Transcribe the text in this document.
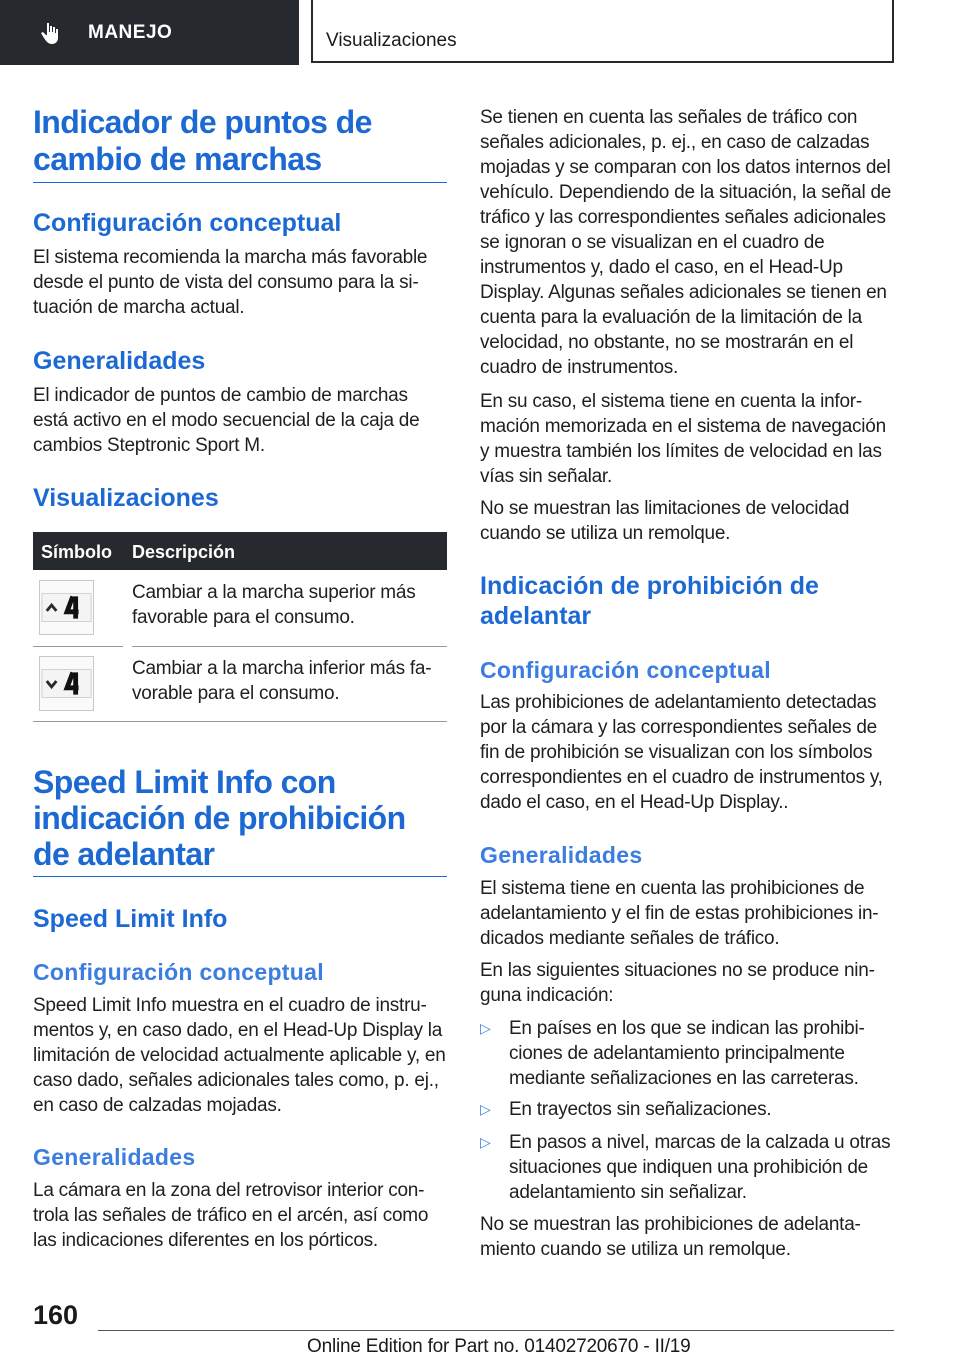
MANEJO	Visualizaciones
Indicador de puntos de cambio de marchas
Configuración conceptual

El sistema recomienda la marcha más favorable desde el punto de vista del consumo para la situación de marcha actual.

Generalidades

El indicador de puntos de cambio de marchas está activo en el modo secuencial de la caja de cambios Steptronic Sport M.

Visualizaciones
Símbolo Descripción

Cambiar a la marcha superior más favorable para el consumo.

Cambiar a la marcha inferior más favorable para el consumo.

Speed Limit Info con indicación de prohibición de adelantar
Speed Limit Info
Configuración conceptual

Speed Limit Info muestra en el cuadro de instrumentos y, en caso dado, en el Head-Up Display la limitación de velocidad actualmente aplicable y, en caso dado, señales adicionales tales como, p. ej., en caso de calzadas mojadas.

Generalidades

La cámara en la zona del retrovisor interior controla las señales de tráfico en el arcén, así como las indicaciones diferentes en los pórticos.

Se tienen en cuenta las señales de tráfico con señales adicionales, p. ej., en caso de calzadas mojadas y se comparan con los datos internos del vehículo. Dependiendo de la situación, la señal de tráfico y las correspondientes señales adicionales se ignoran o se visualizan en el cuadro de instrumentos y, dado el caso, en el Head-Up Display. Algunas señales adicionales se tienen en cuenta para la evaluación de la limitación de la velocidad, no obstante, no se mostrarán en el cuadro de instrumentos.

En su caso, el sistema tiene en cuenta la información memorizada en el sistema de navegación y muestra también los límites de velocidad en las vías sin señalar.

No se muestran las limitaciones de velocidad cuando se utiliza un remolque.

Indicación de prohibición de adelantar
Configuración conceptual

Las prohibiciones de adelantamiento detectadas por la cámara y las correspondientes señales de fin de prohibición se visualizan con los símbolos correspondientes en el cuadro de instrumentos y, dado el caso, en el Head-Up Display..

Generalidades

El sistema tiene en cuenta las prohibiciones de adelantamiento y el fin de estas prohibiciones indicados mediante señales de tráfico.

En las siguientes situaciones no se produce ninguna indicación:

▷ En países en los que se indican las prohibiciones de adelantamiento principalmente mediante señalizaciones en las carreteras.
▷ En trayectos sin señalizaciones.
▷ En pasos a nivel, marcas de la calzada u otras situaciones que indiquen una prohibición de adelantamiento sin señalizar.

No se muestran las prohibiciones de adelantamiento cuando se utiliza un remolque.

160
Online Edition for Part no. 01402720670 - II/19
